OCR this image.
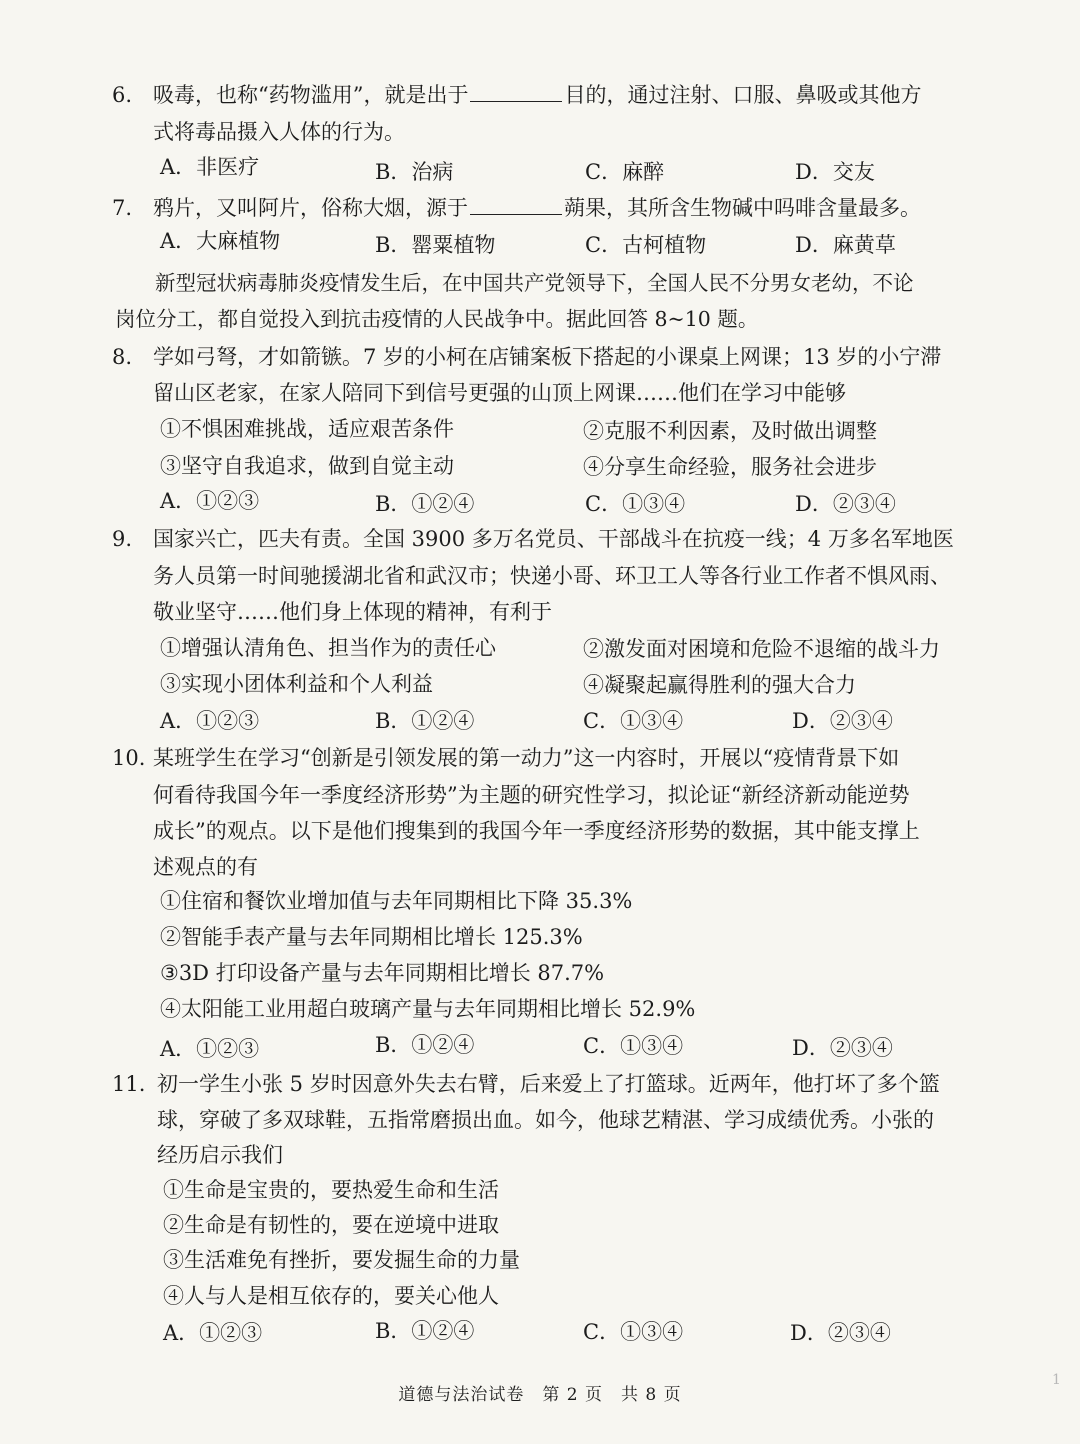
6. 吸毒，也称“药物滥用”，就是出于	目的，通过注射、口服、鼻吸或其他方
式将毒品摄入人体的行为。
A．非医疗	B．治病	C．麻醉	D．交友
7. 鸦片，又叫阿片，俗称大烟，源于	蒴果，其所含生物碱中吗啡含量最多。
A．大麻植物	B．罂粟植物	C．古柯植物	D．麻黄草
新型冠状病毒肺炎疫情发生后，在中国共产党领导下，全国人民不分男女老幼，不论
岗位分工，都自觉投入到抗击疫情的人民战争中。据此回答 8~10 题。
8. 学如弓弩，才如箭镞。7 岁的小柯在店铺案板下搭起的小课桌上网课；13 岁的小宁滞
留山区老家，在家人陪同下到信号更强的山顶上网课……他们在学习中能够
①不惧困难挑战，适应艰苦条件	②克服不利因素，及时做出调整
③坚守自我追求，做到自觉主动	④分享生命经验，服务社会进步
A．①②③	B．①②④	C．①③④	D．②③④
9. 国家兴亡，匹夫有责。全国 3900 多万名党员、干部战斗在抗疫一线；4 万多名军地医
务人员第一时间驰援湖北省和武汉市；快递小哥、环卫工人等各行业工作者不惧风雨、
敬业坚守……他们身上体现的精神，有利于
①增强认清角色、担当作为的责任心	②激发面对困境和危险不退缩的战斗力
③实现小团体利益和个人利益	④凝聚起赢得胜利的强大合力
A．①②③	B．①②④	C．①③④	D．②③④
10. 某班学生在学习“创新是引领发展的第一动力”这一内容时，开展以“疫情背景下如
何看待我国今年一季度经济形势”为主题的研究性学习，拟论证“新经济新动能逆势
成长”的观点。以下是他们搜集到的我国今年一季度经济形势的数据，其中能支撑上
述观点的有
①住宿和餐饮业增加值与去年同期相比下降 35.3%
②智能手表产量与去年同期相比增长 125.3%
③3D 打印设备产量与去年同期相比增长 87.7%
④太阳能工业用超白玻璃产量与去年同期相比增长 52.9%
A．①②③	B．①②④	C．①③④	D．②③④
11. 初一学生小张 5 岁时因意外失去右臂，后来爱上了打篮球。近两年，他打坏了多个篮
球，穿破了多双球鞋，五指常磨损出血。如今，他球艺精湛、学习成绩优秀。小张的
经历启示我们
①生命是宝贵的，要热爱生命和生活
②生命是有韧性的，要在逆境中进取
③生活难免有挫折，要发掘生命的力量
④人与人是相互依存的，要关心他人
A．①②③	B．①②④	C．①③④	D．②③④
道德与法治试卷　第 2 页　共 8 页
1
